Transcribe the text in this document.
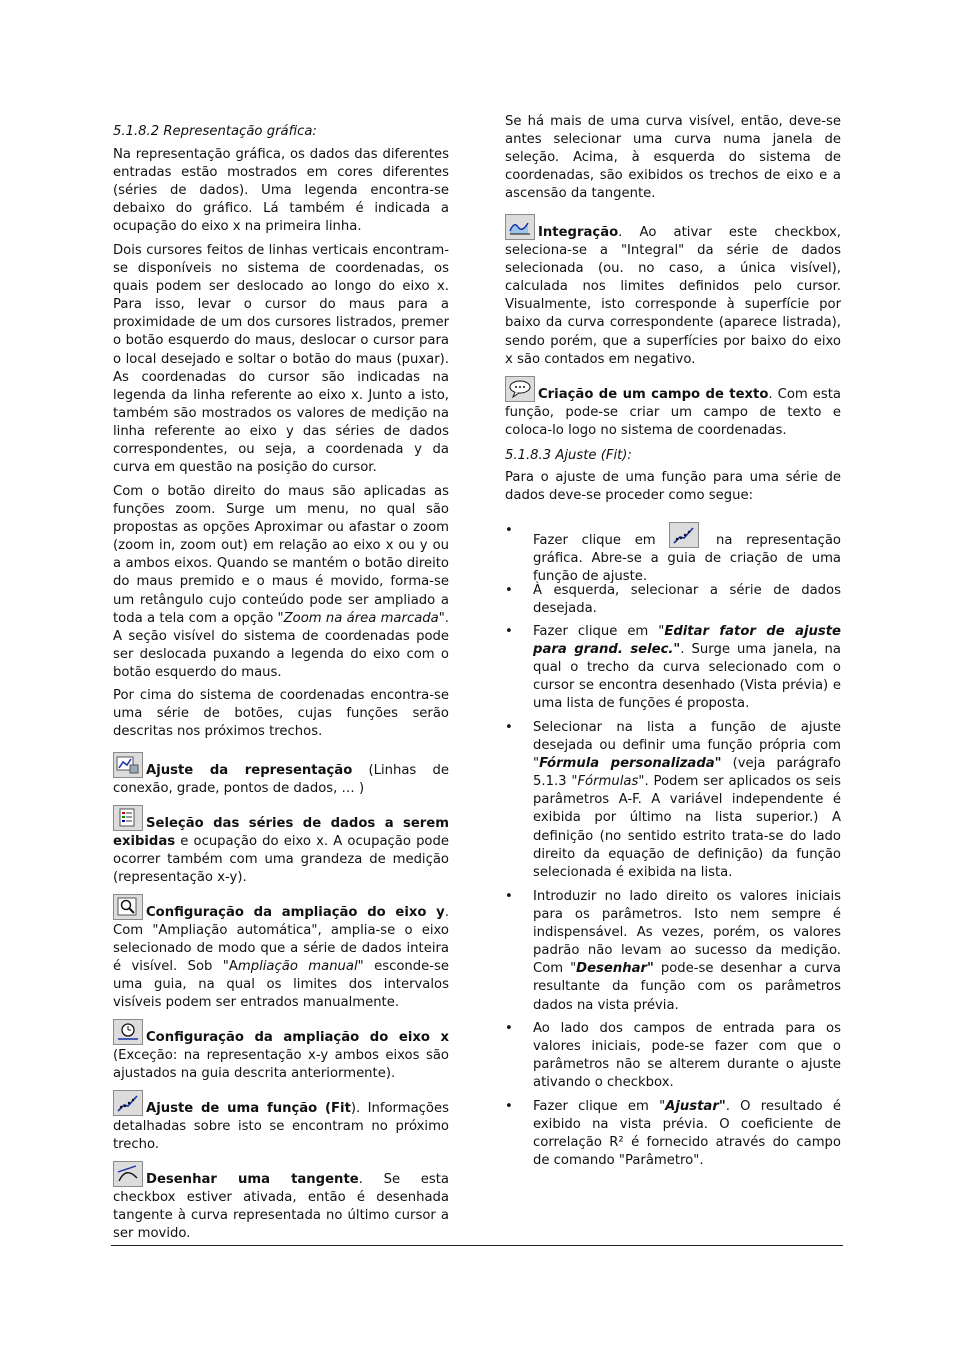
5.1.8.2 Representação gráfica:

Na representação gráfica, os dados das diferentes entradas estão mostrados em cores diferentes (séries de dados). Uma legenda encontra-se debaixo do gráfico. Lá também é indicada a ocupação do eixo x na primeira linha.

Dois cursores feitos de linhas verticais encontram-se disponíveis no sistema de coordenadas, os quais podem ser deslocado ao longo do eixo x. Para isso, levar o cursor do maus para a proximidade de um dos cursores listrados, premer o botão esquerdo do maus, deslocar o cursor para o local desejado e soltar o botão do maus (puxar). As coordenadas do cursor são indicadas na legenda da linha referente ao eixo x. Junto a isto, também são mostrados os valores de medição na linha referente ao eixo y das séries de dados correspondentes, ou seja, a coordenada y da curva em questão na posição do cursor.

Com o botão direito do maus são aplicadas as funções zoom. Surge um menu, no qual são propostas as opções Aproximar ou afastar o zoom (zoom in, zoom out) em relação ao eixo x ou y ou a ambos eixos. Quando se mantém o botão direito do maus premido e o maus é movido, forma-se um retângulo cujo conteúdo pode ser ampliado a toda a tela com a opção "Zoom na área marcada". A seção visível do sistema de coordenadas pode ser deslocada puxando a legenda do eixo com o botão esquerdo do maus.

Por cima do sistema de coordenadas encontra-se uma série de botões, cujas funções serão descritas nos próximos trechos.

Ajuste da representação (Linhas de conexão, grade, pontos de dados, … )

Seleção das séries de dados a serem exibidas e ocupação do eixo x. A ocupação pode ocorrer também com uma grandeza de medição (representação x-y).

Configuração da ampliação do eixo y. Com "Ampliação automática", amplia-se o eixo selecionado de modo que a série de dados inteira é visível. Sob "Ampliação manual" esconde-se uma guia, na qual os limites dos intervalos visíveis podem ser entrados manualmente.

Configuração da ampliação do eixo x (Exceção: na representação x-y ambos eixos são ajustados na guia descrita anteriormente).

Ajuste de uma função (Fit). Informações detalhadas sobre isto se encontram no próximo trecho.

Desenhar uma tangente. Se esta checkbox estiver ativada, então é desenhada tangente à curva representada no último cursor a ser movido.

Se há mais de uma curva visível, então, deve-se antes selecionar uma curva numa janela de seleção. Acima, à esquerda do sistema de coordenadas, são exibidos os trechos de eixo e a ascensão da tangente.

Integração. Ao ativar este checkbox, seleciona-se a "Integral" da série de dados selecionada (ou. no caso, a única visível), calculada nos limites definidos pelo cursor. Visualmente, isto corresponde à superfície por baixo da curva correspondente (aparece listrada), sendo porém, que a superfícies por baixo do eixo x são contados em negativo.

Criação de um campo de texto. Com esta função, pode-se criar um campo de texto e coloca-lo logo no sistema de coordenadas.

5.1.8.3 Ajuste (Fit):

Para o ajuste de uma função para uma série de dados deve-se proceder como segue:

•

Fazer clique em	na representação gráfica. Abre-se a guia de criação de uma função de ajuste.

• À esquerda, selecionar a série de dados desejada.

• Fazer clique em "Editar fator de ajuste para grand. selec.". Surge uma janela, na qual o trecho da curva selecionado com o cursor se encontra desenhado (Vista prévia) e uma lista de funções é proposta.

• Selecionar na lista a função de ajuste desejada ou definir uma função própria com "Fórmula personalizada" (veja parágrafo 5.1.3 "Fórmulas". Podem ser aplicados os seis parâmetros A-F. A variável independente é exibida por último na lista superior.) A definição (no sentido estrito trata-se do lado direito da equação de definição) da função selecionada é exibida na lista.

• Introduzir no lado direito os valores iniciais para os parâmetros. Isto nem sempre é indispensável. As vezes, porém, os valores padrão não levam ao sucesso da medição. Com "Desenhar" pode-se desenhar a curva resultante da função com os parâmetros dados na vista prévia.

• Ao lado dos campos de entrada para os valores iniciais, pode-se fazer com que o parâmetros não se alterem durante o ajuste ativando o checkbox.

• Fazer clique em "Ajustar". O resultado é exibido na vista prévia. O coeficiente de correlação R² é fornecido através do campo de comando "Parâmetro".
